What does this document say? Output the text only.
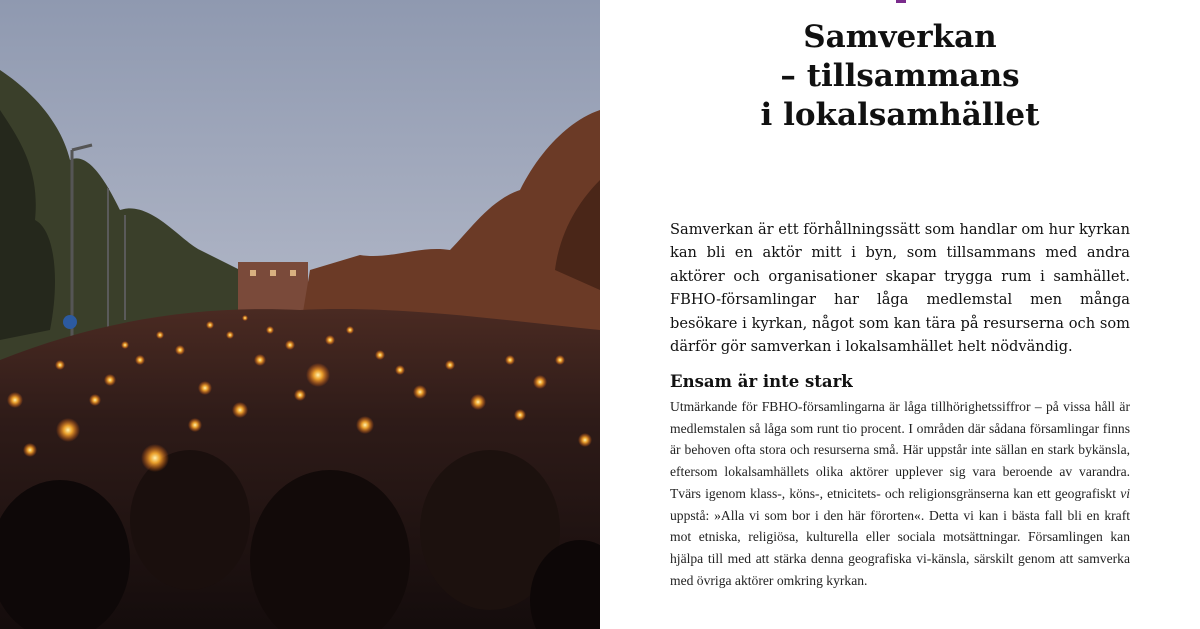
Samverkan
– tillsammans
i lokalsamhället

Samverkan är ett förhållningssätt som handlar om hur kyrkan kan bli en aktör mitt i byn, som tillsammans med andra aktörer och organisationer skapar trygga rum i samhället. FBHO-församlingar har låga medlemstal men många besökare i kyrkan, något som kan tära på resurserna och som därför gör samverkan i lokalsamhället helt nödvändig.

Ensam är inte stark

Utmärkande för FBHO-församlingarna är låga tillhörighetssiffror – på vissa håll är medlemstalen så låga som runt tio procent. I områden där sådana församlingar finns är behoven ofta stora och resurserna små. Här uppstår inte sällan en stark bykänsla, eftersom lokalsamhällets olika aktörer upplever sig vara beroende av varandra. Tvärs igenom klass-, köns-, etnicitets- och religionsgränserna kan ett geografiskt vi uppstå: »Alla vi som bor i den här förorten«. Detta vi kan i bästa fall bli en kraft mot etniska, religiösa, kulturella eller sociala motsättningar. Församlingen kan hjälpa till med att stärka denna geografiska vi-känsla, särskilt genom att samverka med övriga aktörer omkring kyrkan.
